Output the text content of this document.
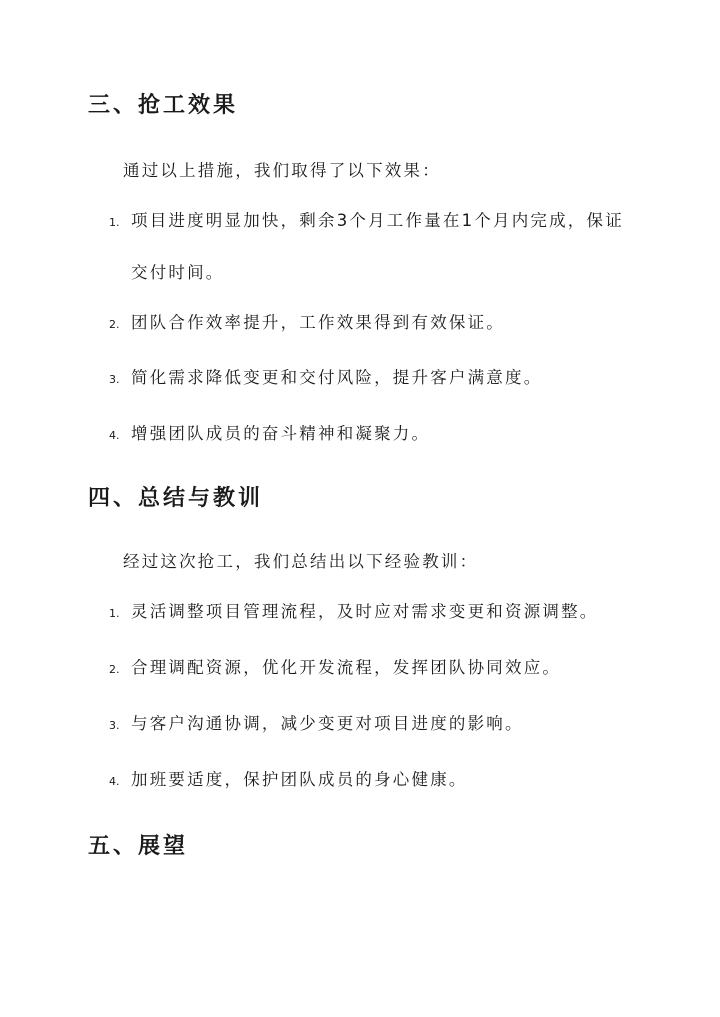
三、抢工效果

通过以上措施，我们取得了以下效果：

1. 项目进度明显加快，剩余3个月工作量在1个月内完成，保证
交付时间。
2. 团队合作效率提升，工作效果得到有效保证。
3. 简化需求降低变更和交付风险，提升客户满意度。
4. 增强团队成员的奋斗精神和凝聚力。
四、总结与教训

经过这次抢工，我们总结出以下经验教训：

1. 灵活调整项目管理流程，及时应对需求变更和资源调整。
2. 合理调配资源，优化开发流程，发挥团队协同效应。
3. 与客户沟通协调，减少变更对项目进度的影响。
4. 加班要适度，保护团队成员的身心健康。
五、展望
